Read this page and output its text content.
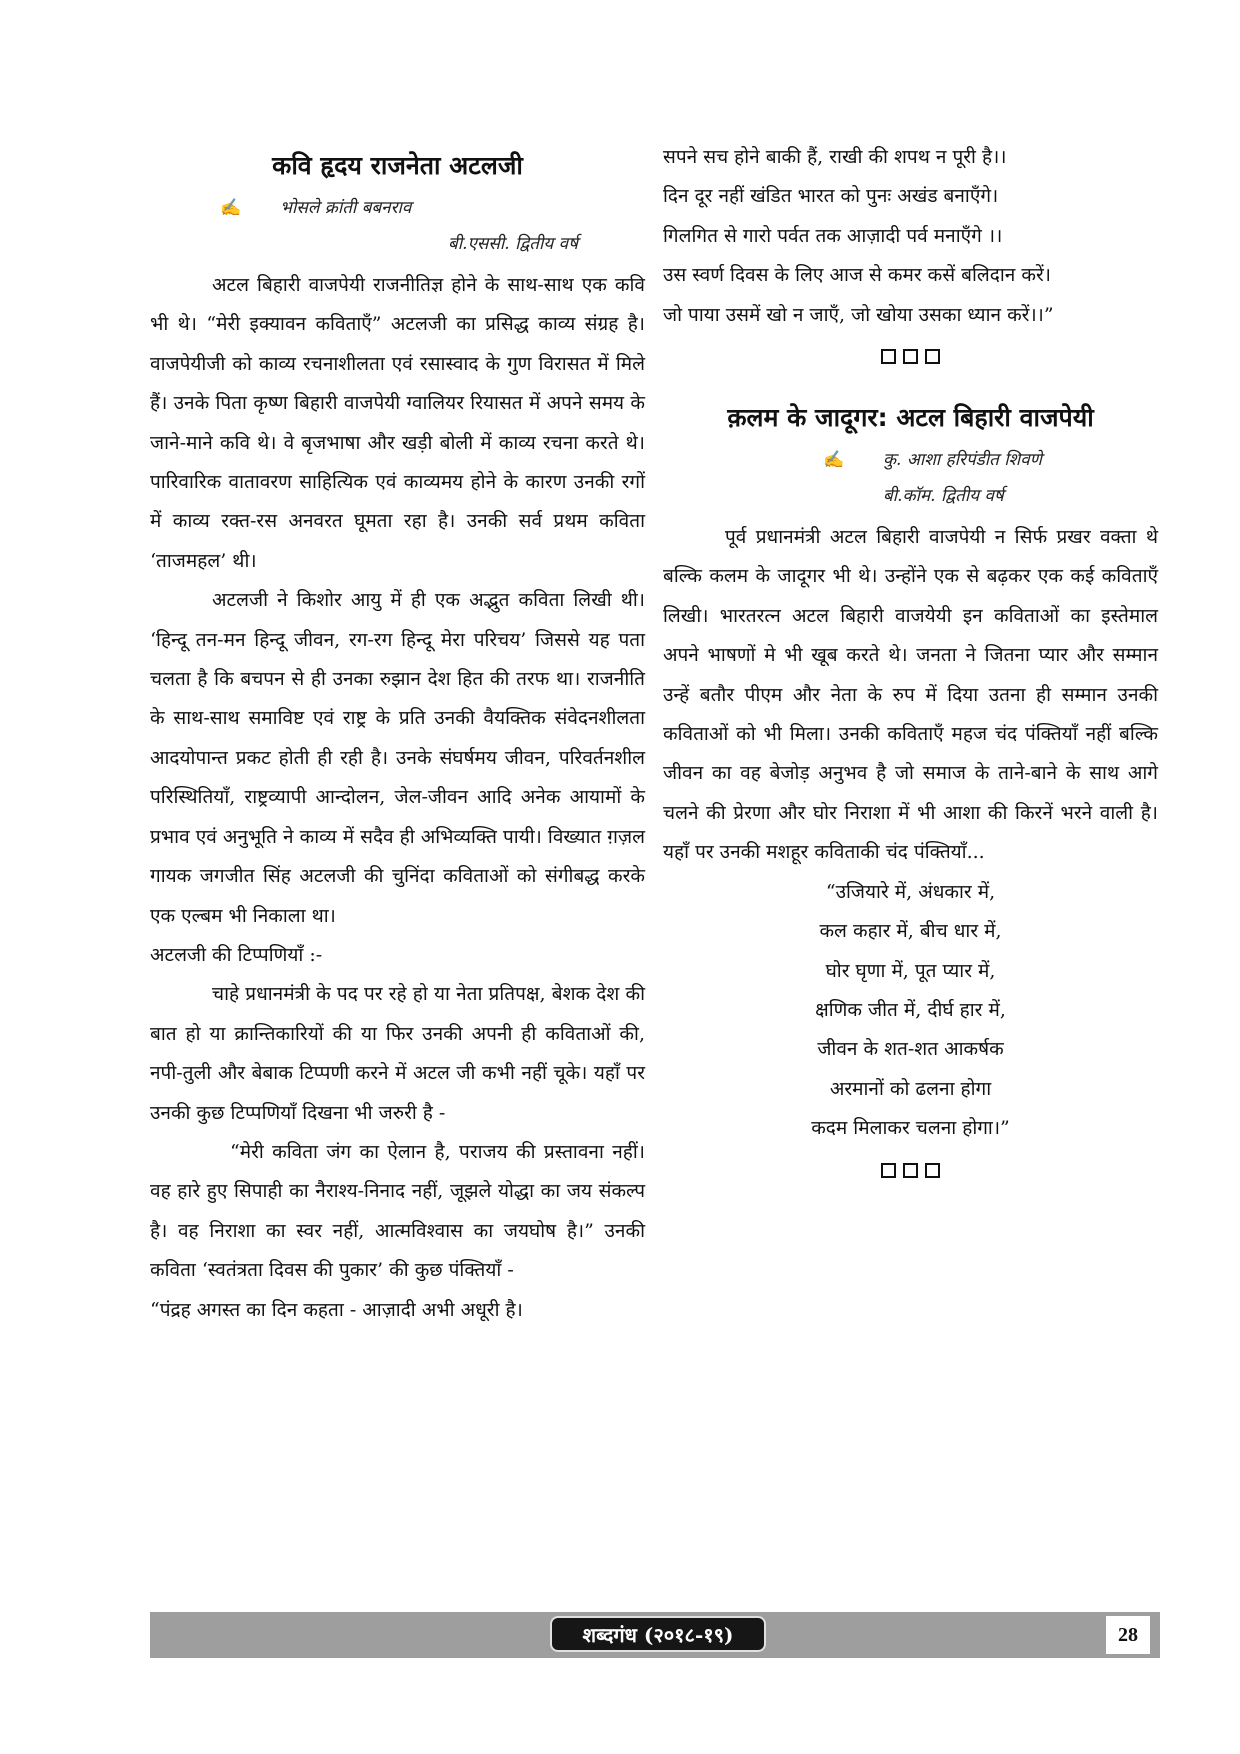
कवि हृदय राजनेता अटलजी
✍ भोसले क्रांती बबनराव
बी.एससी. द्वितीय वर्ष

अटल बिहारी वाजपेयी राजनीतिज्ञ होने के साथ-साथ एक कवि भी थे। “मेरी इक्यावन कविताएँ” अटलजी का प्रसिद्ध काव्य संग्रह है। वाजपेयीजी को काव्य रचनाशीलता एवं रसास्वाद के गुण विरासत में मिले हैं। उनके पिता कृष्ण बिहारी वाजपेयी ग्वालियर रियासत में अपने समय के जाने-माने कवि थे। वे बृजभाषा और खड़ी बोली में काव्य रचना करते थे। पारिवारिक वातावरण साहित्यिक एवं काव्यमय होने के कारण उनकी रगों में काव्य रक्त-रस अनवरत घूमता रहा है। उनकी सर्व प्रथम कविता ‘ताजमहल’ थी।

अटलजी ने किशोर आयु में ही एक अद्भुत कविता लिखी थी। ‘हिन्दू तन-मन हिन्दू जीवन, रग-रग हिन्दू मेरा परिचय’ जिससे यह पता चलता है कि बचपन से ही उनका रुझान देश हित की तरफ था। राजनीति के साथ-साथ समाविष्ट एवं राष्ट्र के प्रति उनकी वैयक्तिक संवेदनशीलता आदयोपान्त प्रकट होती ही रही है। उनके संघर्षमय जीवन, परिवर्तनशील परिस्थितियाँ, राष्ट्रव्यापी आन्दोलन, जेल-जीवन आदि अनेक आयामों के प्रभाव एवं अनुभूति ने काव्य में सदैव ही अभिव्यक्ति पायी। विख्यात ग़ज़ल गायक जगजीत सिंह अटलजी की चुनिंदा कविताओं को संगीबद्ध करके एक एल्बम भी निकाला था।

अटलजी की टिप्पणियाँ :-

चाहे प्रधानमंत्री के पद पर रहे हो या नेता प्रतिपक्ष, बेशक देश की बात हो या क्रान्तिकारियों की या फिर उनकी अपनी ही कविताओं की, नपी-तुली और बेबाक टिप्पणी करने में अटल जी कभी नहीं चूके। यहाँ पर उनकी कुछ टिप्पणियाँ दिखना भी जरुरी है -

“मेरी कविता जंग का ऐलान है, पराजय की प्रस्तावना नहीं। वह हारे हुए सिपाही का नैराश्य-निनाद नहीं, जूझले योद्धा का जय संकल्प है। वह निराशा का स्वर नहीं, आत्मविश्वास का जयघोष है।” उनकी कविता ‘स्वतंत्रता दिवस की पुकार’ की कुछ पंक्तियाँ -

“पंद्रह अगस्त का दिन कहता - आज़ादी अभी अधूरी है।

सपने सच होने बाकी हैं, राखी की शपथ न पूरी है।।
दिन दूर नहीं खंडित भारत को पुनः अखंड बनाएँगे।
गिलगित से गारो पर्वत तक आज़ादी पर्व मनाएँगे ।।
उस स्वर्ण दिवस के लिए आज से कमर कसें बलिदान करें।
जो पाया उसमें खो न जाएँ, जो खोया उसका ध्यान करें।।”
क़लम के जादूगर: अटल बिहारी वाजपेयी
✍ कु. आशा हरिपंडीत शिवणे
बी.कॉम. द्वितीय वर्ष

पूर्व प्रधानमंत्री अटल बिहारी वाजपेयी न सिर्फ प्रखर वक्ता थे बल्कि कलम के जादूगर भी थे। उन्होंने एक से बढ़कर एक कई कविताएँ लिखी। भारतरत्न अटल बिहारी वाजयेयी इन कविताओं का इस्तेमाल अपने भाषणों मे भी खूब करते थे। जनता ने जितना प्यार और सम्मान उन्हें बतौर पीएम और नेता के रुप में दिया उतना ही सम्मान उनकी कविताओं को भी मिला। उनकी कविताएँ महज चंद पंक्तियाँ नहीं बल्कि जीवन का वह बेजोड़ अनुभव है जो समाज के ताने-बाने के साथ आगे चलने की प्रेरणा और घोर निराशा में भी आशा की किरनें भरने वाली है। यहाँ पर उनकी मशहूर कविताकी चंद पंक्तियाँ...

“उजियारे में, अंधकार में,
कल कहार में, बीच धार में,
घोर घृणा में, पूत प्यार में,
क्षणिक जीत में, दीर्घ हार में,
जीवन के शत-शत आकर्षक
अरमानों को ढलना होगा
कदम मिलाकर चलना होगा।”
शब्दगंध (२०१८-१९)	28
